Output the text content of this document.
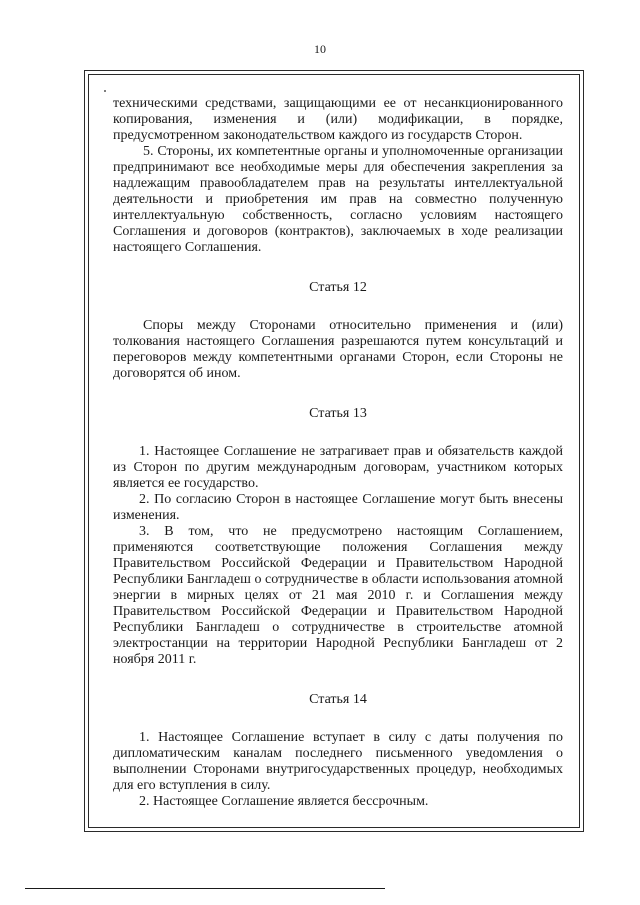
10

техническими средствами, защищающими ее от несанкционированного копирования, изменения и (или) модификации, в порядке, предусмотренном законодательством каждого из государств Сторон.

5. Стороны, их компетентные органы и уполномоченные организации предпринимают все необходимые меры для обеспечения закрепления за надлежащим правообладателем прав на результаты интеллектуальной деятельности и приобретения им прав на совместно полученную интеллектуальную собственность, согласно условиям настоящего Соглашения и договоров (контрактов), заключаемых в ходе реализации настоящего Соглашения.

Статья 12

Споры между Сторонами относительно применения и (или) толкования настоящего Соглашения разрешаются путем консультаций и переговоров между компетентными органами Сторон, если Стороны не договорятся об ином.

Статья 13

1. Настоящее Соглашение не затрагивает прав и обязательств каждой из Сторон по другим международным договорам, участником которых является ее государство.

2. По согласию Сторон в настоящее Соглашение могут быть внесены изменения.

3. В том, что не предусмотрено настоящим Соглашением, применяются соответствующие положения Соглашения между Правительством Российской Федерации и Правительством Народной Республики Бангладеш о сотрудничестве в области использования атомной энергии в мирных целях от 21 мая 2010 г. и Соглашения между Правительством Российской Федерации и Правительством Народной Республики Бангладеш о сотрудничестве в строительстве атомной электростанции на территории Народной Республики Бангладеш от 2 ноября 2011 г.

Статья 14

1. Настоящее Соглашение вступает в силу с даты получения по дипломатическим каналам последнего письменного уведомления о выполнении Сторонами внутригосударственных процедур, необходимых для его вступления в силу.

2. Настоящее Соглашение является бессрочным.
